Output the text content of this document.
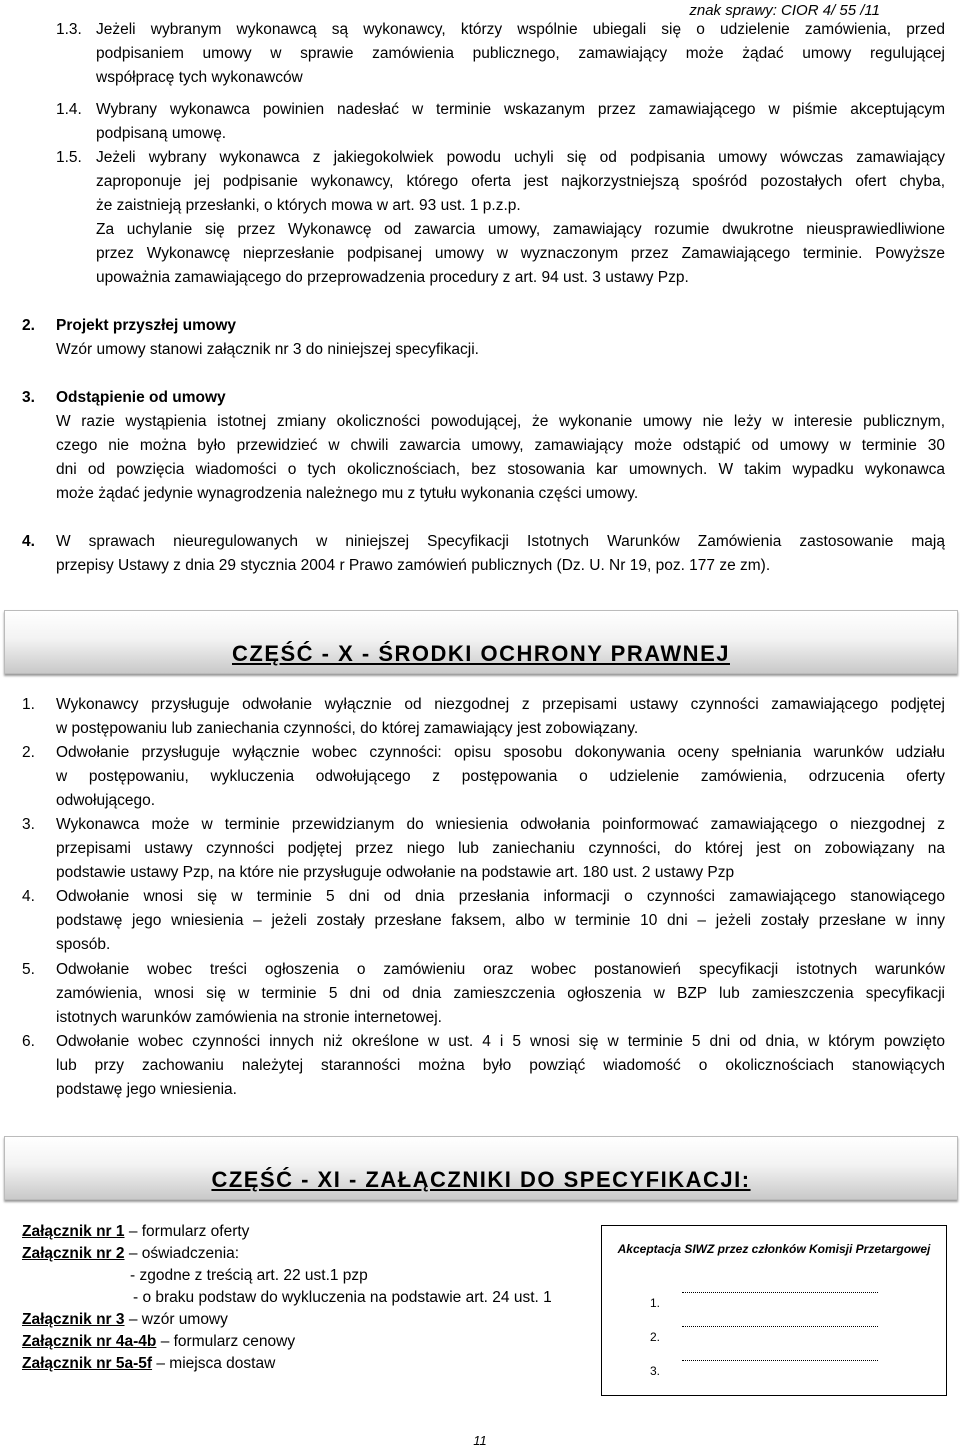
znak sprawy: CIOR 4/ 55 /11
1.3. Jeżeli wybranym wykonawcą są wykonawcy, którzy wspólnie ubiegali się o udzielenie zamówienia, przed
podpisaniem umowy w sprawie zamówienia publicznego, zamawiający może żądać umowy regulującej
współpracę tych wykonawców
1.4. Wybrany wykonawca powinien nadesłać w terminie wskazanym przez zamawiającego w piśmie akceptującym
podpisaną umowę.
1.5. Jeżeli wybrany wykonawca z jakiegokolwiek powodu uchyli się od podpisania umowy wówczas zamawiający
zaproponuje jej podpisanie wykonawcy, którego oferta jest najkorzystniejszą spośród pozostałych ofert chyba,
że zaistnieją przesłanki, o których mowa w art. 93 ust. 1 p.z.p.
Za uchylanie się przez Wykonawcę od zawarcia umowy, zamawiający rozumie dwukrotne nieusprawiedliwione
przez Wykonawcę nieprzesłanie podpisanej umowy w wyznaczonym przez Zamawiającego terminie. Powyższe
upoważnia zamawiającego do przeprowadzenia procedury z art. 94 ust. 3 ustawy Pzp.
2. Projekt przyszłej umowy
Wzór umowy stanowi załącznik nr 3 do niniejszej specyfikacji.
3. Odstąpienie od umowy
W razie wystąpienia istotnej zmiany okoliczności powodującej, że wykonanie umowy nie leży w interesie publicznym,
czego nie można było przewidzieć w chwili zawarcia umowy, zamawiający może odstąpić od umowy w terminie 30
dni od powzięcia wiadomości o tych okolicznościach, bez stosowania kar umownych. W takim wypadku wykonawca
może żądać jedynie wynagrodzenia należnego mu z tytułu wykonania części umowy.
4. W sprawach nieuregulowanych w niniejszej Specyfikacji Istotnych Warunków Zamówienia zastosowanie mają
przepisy Ustawy z dnia 29 stycznia 2004 r Prawo zamówień publicznych (Dz. U. Nr 19, poz. 177 ze zm).
CZĘŚĆ - X - ŚRODKI OCHRONY PRAWNEJ
1. Wykonawcy przysługuje odwołanie wyłącznie od niezgodnej z przepisami ustawy czynności zamawiającego podjętej
w postępowaniu lub zaniechania czynności, do której zamawiający jest zobowiązany.
2. Odwołanie przysługuje wyłącznie wobec czynności: opisu sposobu dokonywania oceny spełniania warunków udziału
w postępowaniu, wykluczenia odwołującego z postępowania o udzielenie zamówienia, odrzucenia oferty
odwołującego.
3. Wykonawca może w terminie przewidzianym do wniesienia odwołania poinformować zamawiającego o niezgodnej z
przepisami ustawy czynności podjętej przez niego lub zaniechaniu czynności, do której jest on zobowiązany na
podstawie ustawy Pzp, na które nie przysługuje odwołanie na podstawie art. 180 ust. 2 ustawy Pzp
4. Odwołanie wnosi się w terminie 5 dni od dnia przesłania informacji o czynności zamawiającego stanowiącego
podstawę jego wniesienia – jeżeli zostały przesłane faksem, albo w terminie 10 dni – jeżeli zostały przesłane w inny
sposób.
5. Odwołanie wobec treści ogłoszenia o zamówieniu oraz wobec postanowień specyfikacji istotnych warunków
zamówienia, wnosi się w terminie 5 dni od dnia zamieszczenia ogłoszenia w BZP lub zamieszczenia specyfikacji
istotnych warunków zamówienia na stronie internetowej.
6. Odwołanie wobec czynności innych niż określone w ust. 4 i 5 wnosi się w terminie 5 dni od dnia, w którym powzięto
lub przy zachowaniu należytej staranności można było powziąć wiadomość o okolicznościach stanowiących
podstawę jego wniesienia.
CZĘŚĆ - XI - ZAŁĄCZNIKI DO SPECYFIKACJI:
Załącznik nr 1 – formularz oferty
Załącznik nr 2 – oświadczenia:
- zgodne z treścią art. 22 ust.1 pzp
- o braku podstaw do wykluczenia na podstawie art. 24 ust. 1
Załącznik nr 3 – wzór umowy
Załącznik nr 4a-4b – formularz cenowy
Załącznik nr 5a-5f – miejsca dostaw
Akceptacja SIWZ przez członków Komisji Przetargowej
1.
2.
3.
11
